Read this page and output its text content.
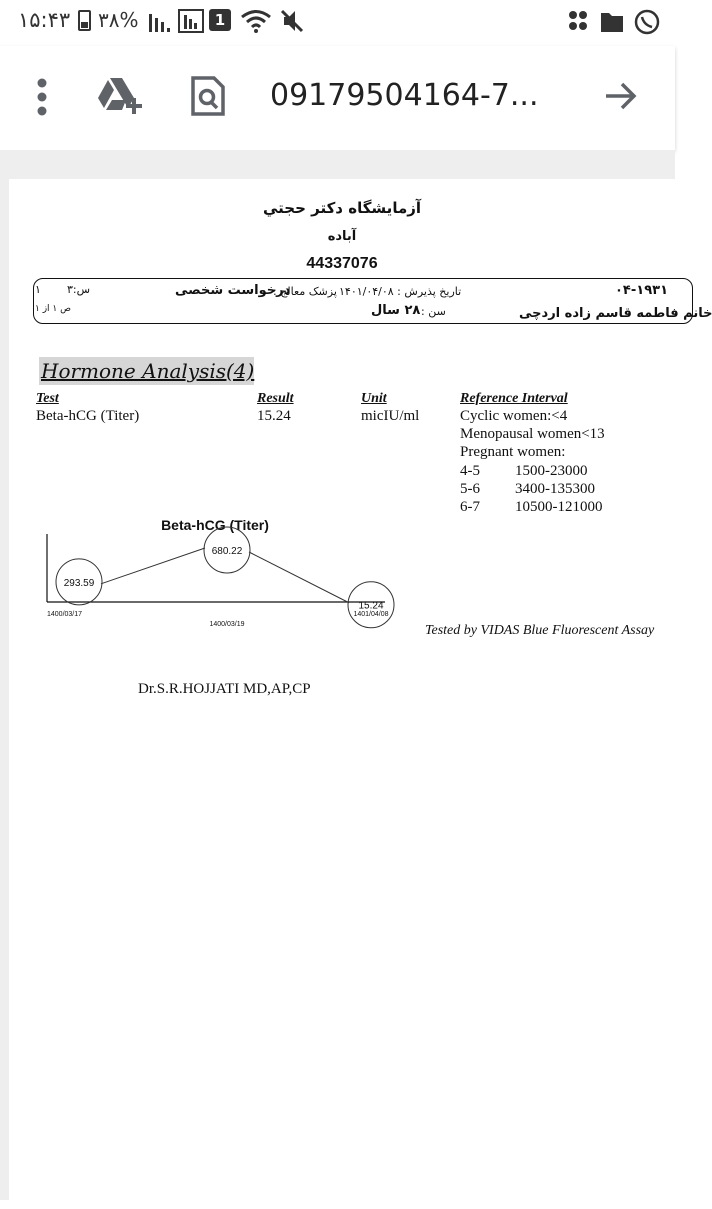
۱۵:۴۳ ۳۸%	1
09179504164-7...
آزمايشگاه دكتر حجتي
آباده
44337076
س:۳
۱
ص ۱ از ۱
درخواست شخصی
پزشک معالج : تاریخ پذیرش : ۱۴۰۱/۰۴/۰۸	۰۴-۱۹۳۱
سن :
۲۸ سال	خانم فاطمه قاسم زاده اردچی
Hormone Analysis(4)
Test	Result	Unit	Reference Interval
Beta-hCG (Titer)	15.24	micIU/ml	Cyclic women:<4
Menopausal women<13
Pregnant women:
4-5 1500-23000
5-6 3400-135300
6-7 10500-121000
Beta-hCG (Titer)
293.59
1400/03/17
680.22
1400/03/19
15.24
1401/04/08
Tested by VIDAS Blue Fluorescent Assay
Dr.S.R.HOJJATI MD,AP,CP
